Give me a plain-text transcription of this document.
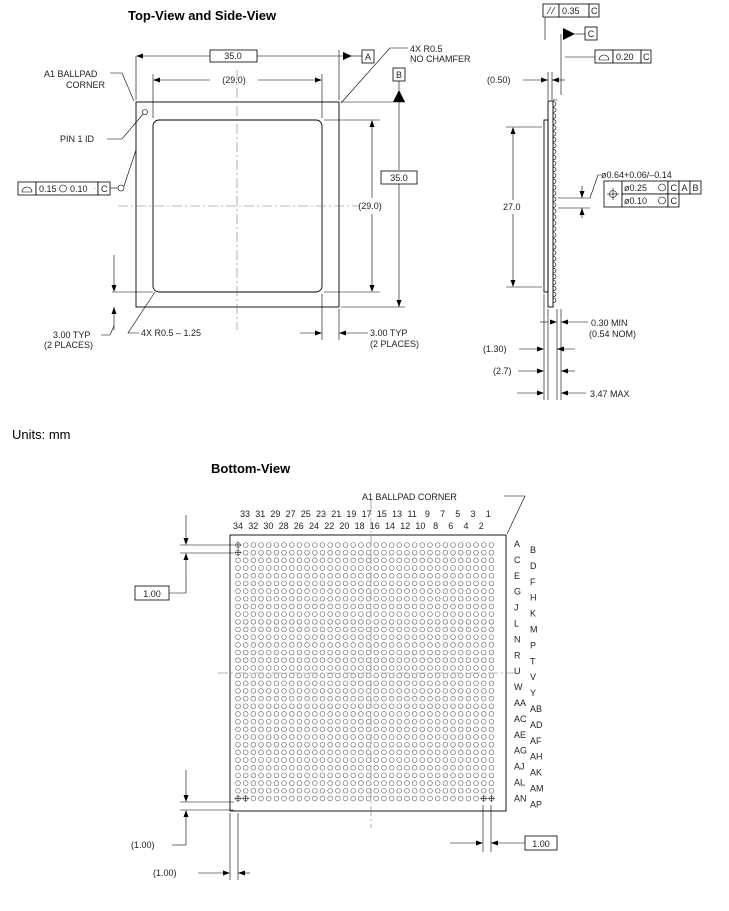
Top-View and Side-View
Bottom-View
Units: mm
35.0	A
(29.0)
4X R0.5
NO CHAMFER
B
35.0
(29.0)
A1 BALLPAD
CORNER
PIN 1 ID
0.15 0.10 C
3.00 TYP
(2 PLACES)
4X R0.5 – 1.25	3.00 TYP
(2 PLACES)
0.35 C
C
0.20 C
(0.50)
27.0
ø0.64+0.06/–0.14
ø0.25
ø0.10
C A B
C
0.30 MIN
(0.54 NOM)
(1.30)
(2.7)
3.47 MAX
A1 BALLPAD CORNER
33 31 29 27 25 23 21 19 17 15 13 11 9 7 5 3 1
34 32 30 28 26 24 22 20 18 16 14 12 10 8 6 4 2
A
C
E
G
J
L
N
R
U
W
AA
AC
AE
AG
AJ
AL
AN
B
D
F
H
K
M
P
T
V
Y
AB
AD
AF
AH
AK
AM
AP
1.00
(1.00)
(1.00)
1.00
